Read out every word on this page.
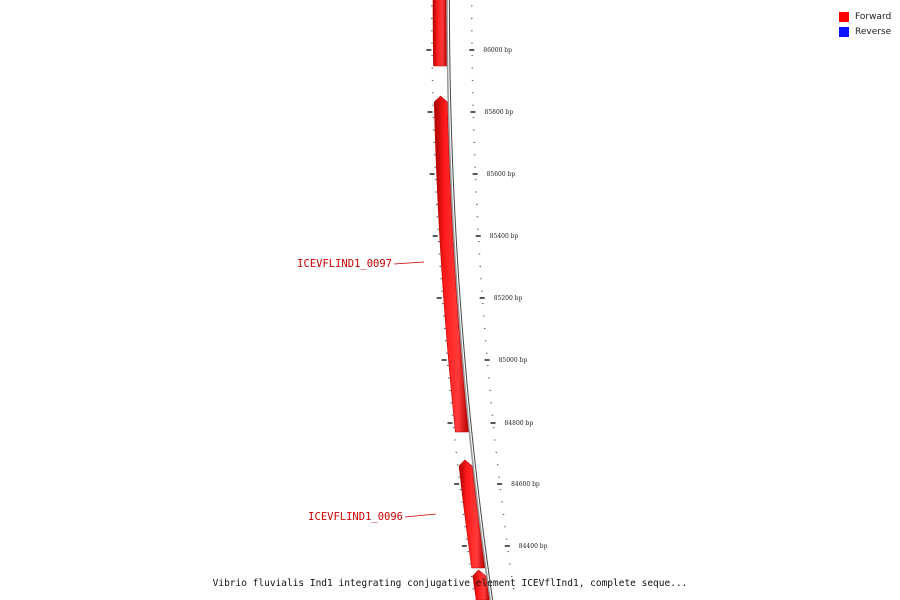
ICEVFLIND1_0097
ICEVFLIND1_0096
86000 bp
85800 bp
85600 bp
85400 bp
85200 bp
85000 bp
84800 bp
84600 bp
84400 bp
Forward
Reverse
Vibrio fluvialis Ind1 integrating conjugative element ICEVflInd1, complete seque...
